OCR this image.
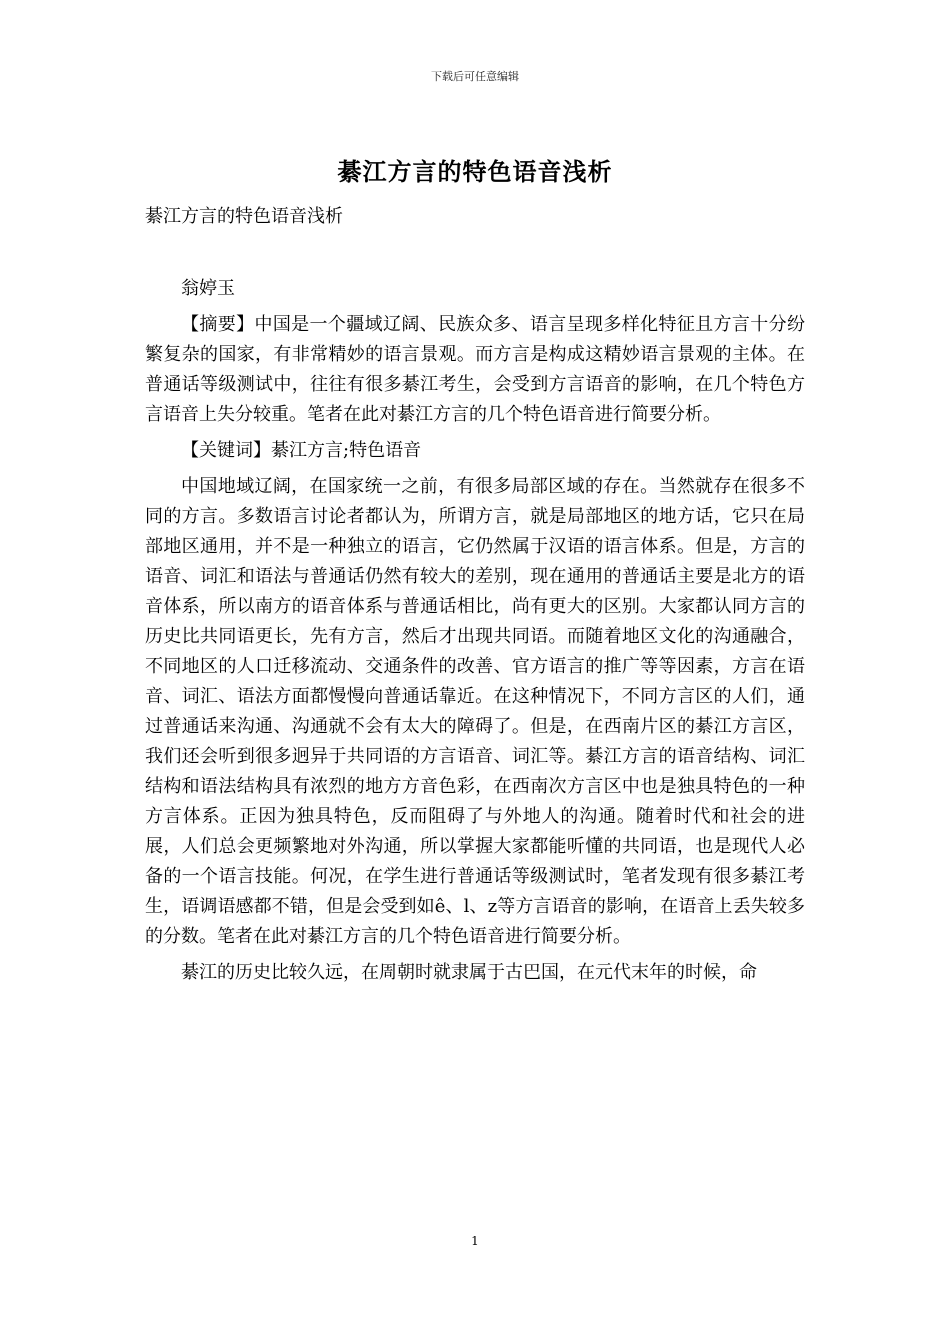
下载后可任意编辑
綦江方言的特色语音浅析
綦江方言的特色语音浅析

翁婷玉

【摘要】中国是一个疆域辽阔、民族众多、语言呈现多样化特征且方言十分纷繁复杂的国家，有非常精妙的语言景观。而方言是构成这精妙语言景观的主体。在普通话等级测试中，往往有很多綦江考生，会受到方言语音的影响，在几个特色方言语音上失分较重。笔者在此对綦江方言的几个特色语音进行简要分析。

【关键词】綦江方言;特色语音

中国地域辽阔，在国家统一之前，有很多局部区域的存在。当然就存在很多不同的方言。多数语言讨论者都认为，所谓方言，就是局部地区的地方话，它只在局部地区通用，并不是一种独立的语言，它仍然属于汉语的语言体系。但是，方言的语音、词汇和语法与普通话仍然有较大的差别，现在通用的普通话主要是北方的语音体系，所以南方的语音体系与普通话相比，尚有更大的区别。大家都认同方言的历史比共同语更长，先有方言，然后才出现共同语。而随着地区文化的沟通融合，不同地区的人口迁移流动、交通条件的改善、官方语言的推广等等因素，方言在语音、词汇、语法方面都慢慢向普通话靠近。在这种情况下，不同方言区的人们，通过普通话来沟通、沟通就不会有太大的障碍了。但是，在西南片区的綦江方言区，我们还会听到很多迥异于共同语的方言语音、词汇等。綦江方言的语音结构、词汇结构和语法结构具有浓烈的地方方音色彩，在西南次方言区中也是独具特色的一种方言体系。正因为独具特色，反而阻碍了与外地人的沟通。随着时代和社会的进展，人们总会更频繁地对外沟通，所以掌握大家都能听懂的共同语，也是现代人必备的一个语言技能。何况，在学生进行普通话等级测试时，笔者发现有很多綦江考生，语调语感都不错，但是会受到如ê、l、z等方言语音的影响，在语音上丢失较多的分数。笔者在此对綦江方言的几个特色语音进行简要分析。

綦江的历史比较久远，在周朝时就隶属于古巴国，在元代末年的时候，命

1
